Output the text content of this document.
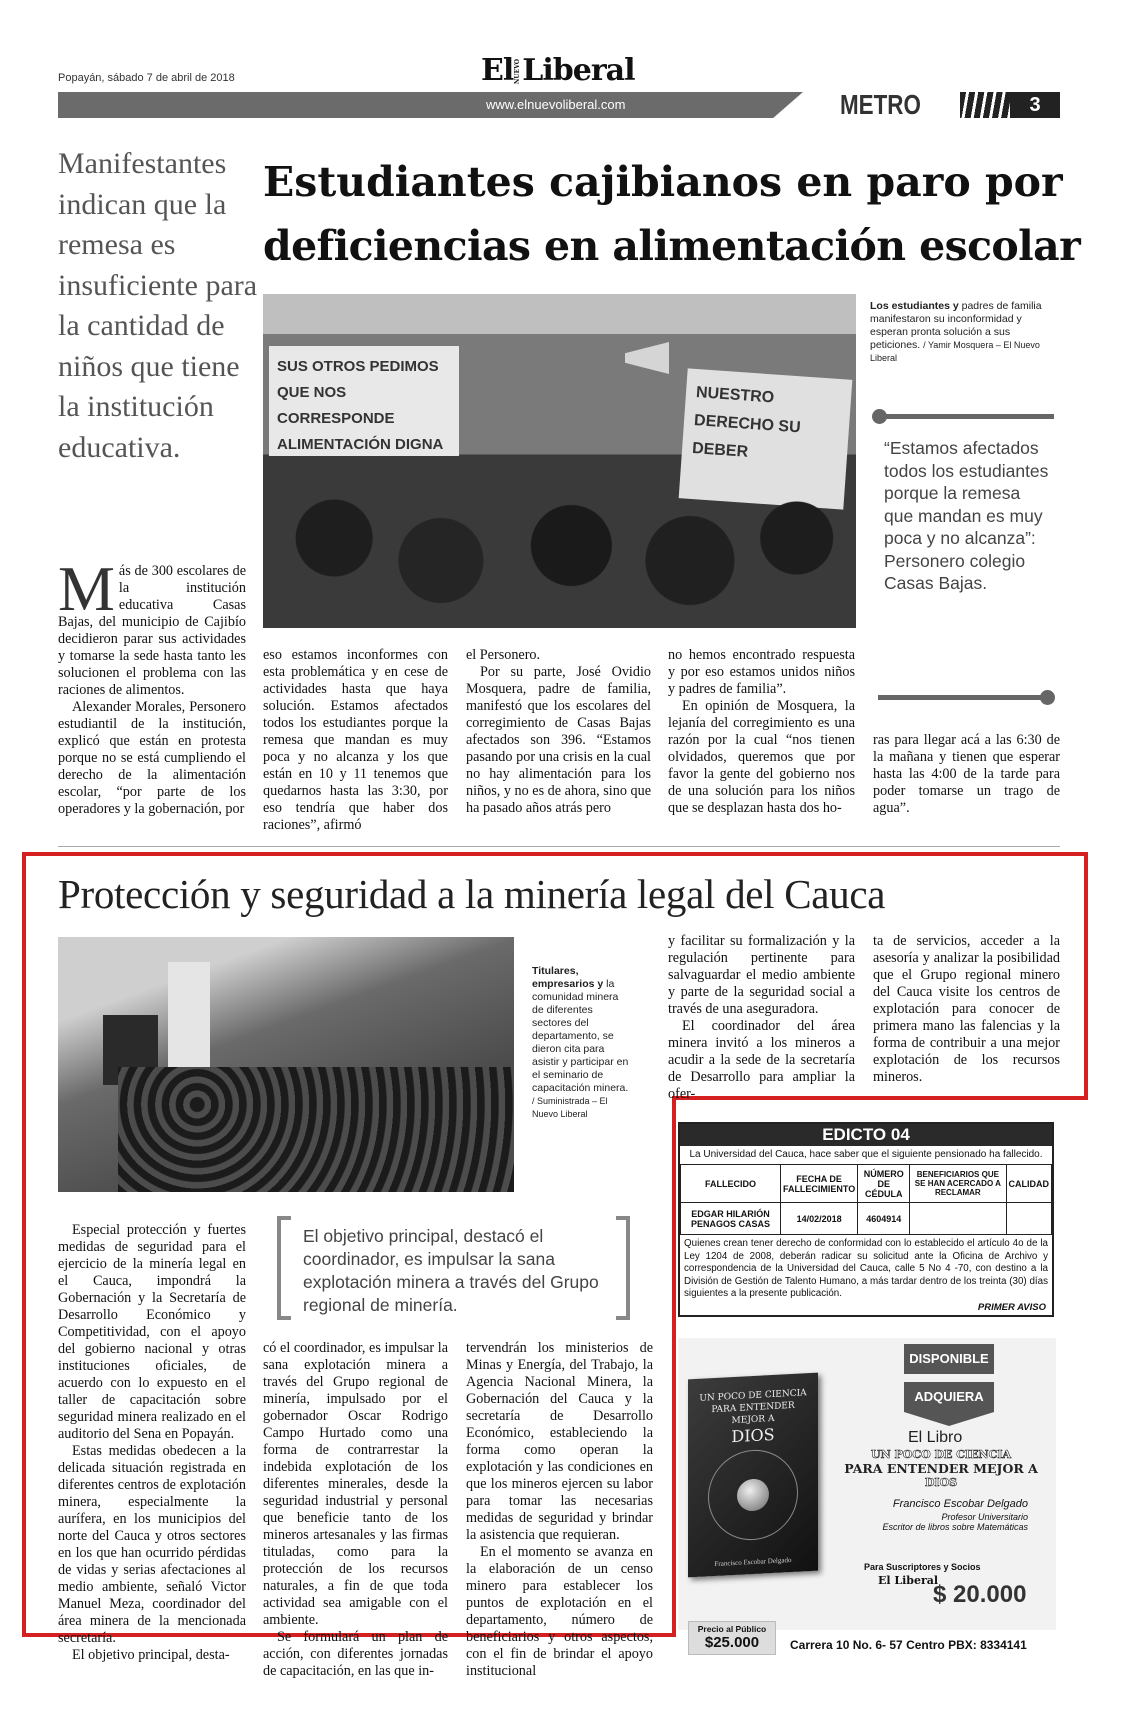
Popayán, sábado 7 de abril de 2018	El NUEVO Liberal
www.elnuevoliberal.com	METRO	3
Manifestantes indican que la remesa es insuficiente para la cantidad de niños que tiene la institución educativa.
Estudiantes cajibianos en paro por
deficiencias en alimentación escolar
SUS OTROS PEDIMOS QUE NOS CORRESPONDE ALIMENTACIÓN DIGNA
NUESTRO DERECHO SU DEBER
Los estudiantes y padres de familia manifestaron su inconformidad y esperan pronta solución a sus peticiones. / Yamir Mosquera – El Nuevo Liberal
“Estamos afectados todos los estudiantes porque la remesa que mandan es muy poca y no alcanza”: Personero colegio Casas Bajas.

Más de 300 escolares de la institución educativa Casas Bajas, del municipio de Cajibío decidieron parar sus actividades y tomarse la sede hasta tanto les solucionen el problema con las raciones de alimentos.

Alexander Morales, Personero estudiantil de la institución, explicó que están en protesta porque no se está cumpliendo el derecho de la alimentación escolar, “por parte de los operadores y la gobernación, por

eso estamos inconformes con esta problemática y en cese de actividades hasta que haya solución. Estamos afectados todos los estudiantes porque la remesa que mandan es muy poca y no alcanza y los que están en 10 y 11 tenemos que quedarnos hasta las 3:30, por eso tendría que haber dos raciones”, afirmó

el Personero.

Por su parte, José Ovidio Mosquera, padre de familia, manifestó que los escolares del corregimiento de Casas Bajas afectados son 396. “Estamos pasando por una crisis en la cual no hay alimentación para los niños, y no es de ahora, sino que ha pasado años atrás pero

no hemos encontrado respuesta y por eso estamos unidos niños y padres de familia”.

En opinión de Mosquera, la lejanía del corregimiento es una razón por la cual “nos tienen olvidados, queremos que por favor la gente del gobierno nos de una solución para los niños que se desplazan hasta dos ho-

ras para llegar acá a las 6:30 de la mañana y tienen que esperar hasta las 4:00 de la tarde para poder tomarse un trago de agua”.

Protección y seguridad a la minería legal del Cauca
Titulares, empresarios y la comunidad minera de diferentes sectores del departamento, se dieron cita para asistir y participar en el seminario de capacitación minera. / Suministrada – El Nuevo Liberal

y facilitar su formalización y la regulación pertinente para salvaguardar el medio ambiente y parte de la seguridad social a través de una aseguradora.

El coordinador del área minera invitó a los mineros a acudir a la sede de la secretaría de Desarrollo para ampliar la ofer-

ta de servicios, acceder a la asesoría y analizar la posibilidad que el Grupo regional minero del Cauca visite los centros de explotación para conocer de primera mano las falencias y la forma de contribuir a una mejor explotación de los recursos mineros.

El objetivo principal, destacó el coordinador, es impulsar la sana explotación minera a través del Grupo regional de minería.

Especial protección y fuertes medidas de seguridad para el ejercicio de la minería legal en el Cauca, impondrá la Gobernación y la Secretaría de Desarrollo Económico y Competitividad, con el apoyo del gobierno nacional y otras instituciones oficiales, de acuerdo con lo expuesto en el taller de capacitación sobre seguridad minera realizado en el auditorio del Sena en Popayán.

Estas medidas obedecen a la delicada situación registrada en diferentes centros de explotación minera, especialmente la aurífera, en los municipios del norte del Cauca y otros sectores en los que han ocurrido pérdidas de vidas y serias afectaciones al medio ambiente, señaló Victor Manuel Meza, coordinador del área minera de la mencionada secretaría.

El objetivo principal, desta-

có el coordinador, es impulsar la sana explotación minera a través del Grupo regional de minería, impulsado por el gobernador Oscar Rodrigo Campo Hurtado como una forma de contrarrestar la indebida explotación de los diferentes minerales, desde la seguridad industrial y personal que beneficie tanto de los mineros artesanales y las firmas tituladas, como para la protección de los recursos naturales, a fin de que toda actividad sea amigable con el ambiente.

Se formulará un plan de acción, con diferentes jornadas de capacitación, en las que in-

tervendrán los ministerios de Minas y Energía, del Trabajo, la Agencia Nacional Minera, la Gobernación del Cauca y la secretaría de Desarrollo Económico, estableciendo la forma como operan la explotación y las condiciones en que los mineros ejercen su labor para tomar las necesarias medidas de seguridad y brindar la asistencia que requieran.

En el momento se avanza en la elaboración de un censo minero para establecer los puntos de explotación en el departamento, número de beneficiarios y otros aspectos, con el fin de brindar el apoyo institucional

EDICTO 04
La Universidad del Cauca, hace saber que el siguiente pensionado ha fallecido.
FALLECIDO	FECHA DE FALLECIMIENTO	NÚMERO DE CÉDULA	BENEFICIARIOS QUE SE HAN ACERCADO A RECLAMAR	CALIDAD
EDGAR HILARIÓN PENAGOS CASAS	14/02/2018	4604914		
Quienes crean tener derecho de conformidad con lo establecido el artículo 4o de la Ley 1204 de 2008, deberán radicar su solicitud ante la Oficina de Archivo y correspondencia de la Universidad del Cauca, calle 5 No 4 -70, con destino a la División de Gestión de Talento Humano, a más tardar dentro de los treinta (30) días siguientes a la presente publicación.
PRIMER AVISO
DISPONIBLE
ADQUIERA
UN POCO DE CIENCIA
PARA ENTENDER MEJOR A
DIOS
Francisco Escobar Delgado
El Libro
UN POCO DE CIENCIA
PARA ENTENDER MEJOR A
DIOS
Francisco Escobar Delgado
Profesor Universitario
Escritor de libros sobre Matemáticas
Para Suscriptores y Socios
El Liberal
$ 20.000
Precio al Público
$25.000	Carrera 10 No. 6- 57 Centro PBX: 8334141
